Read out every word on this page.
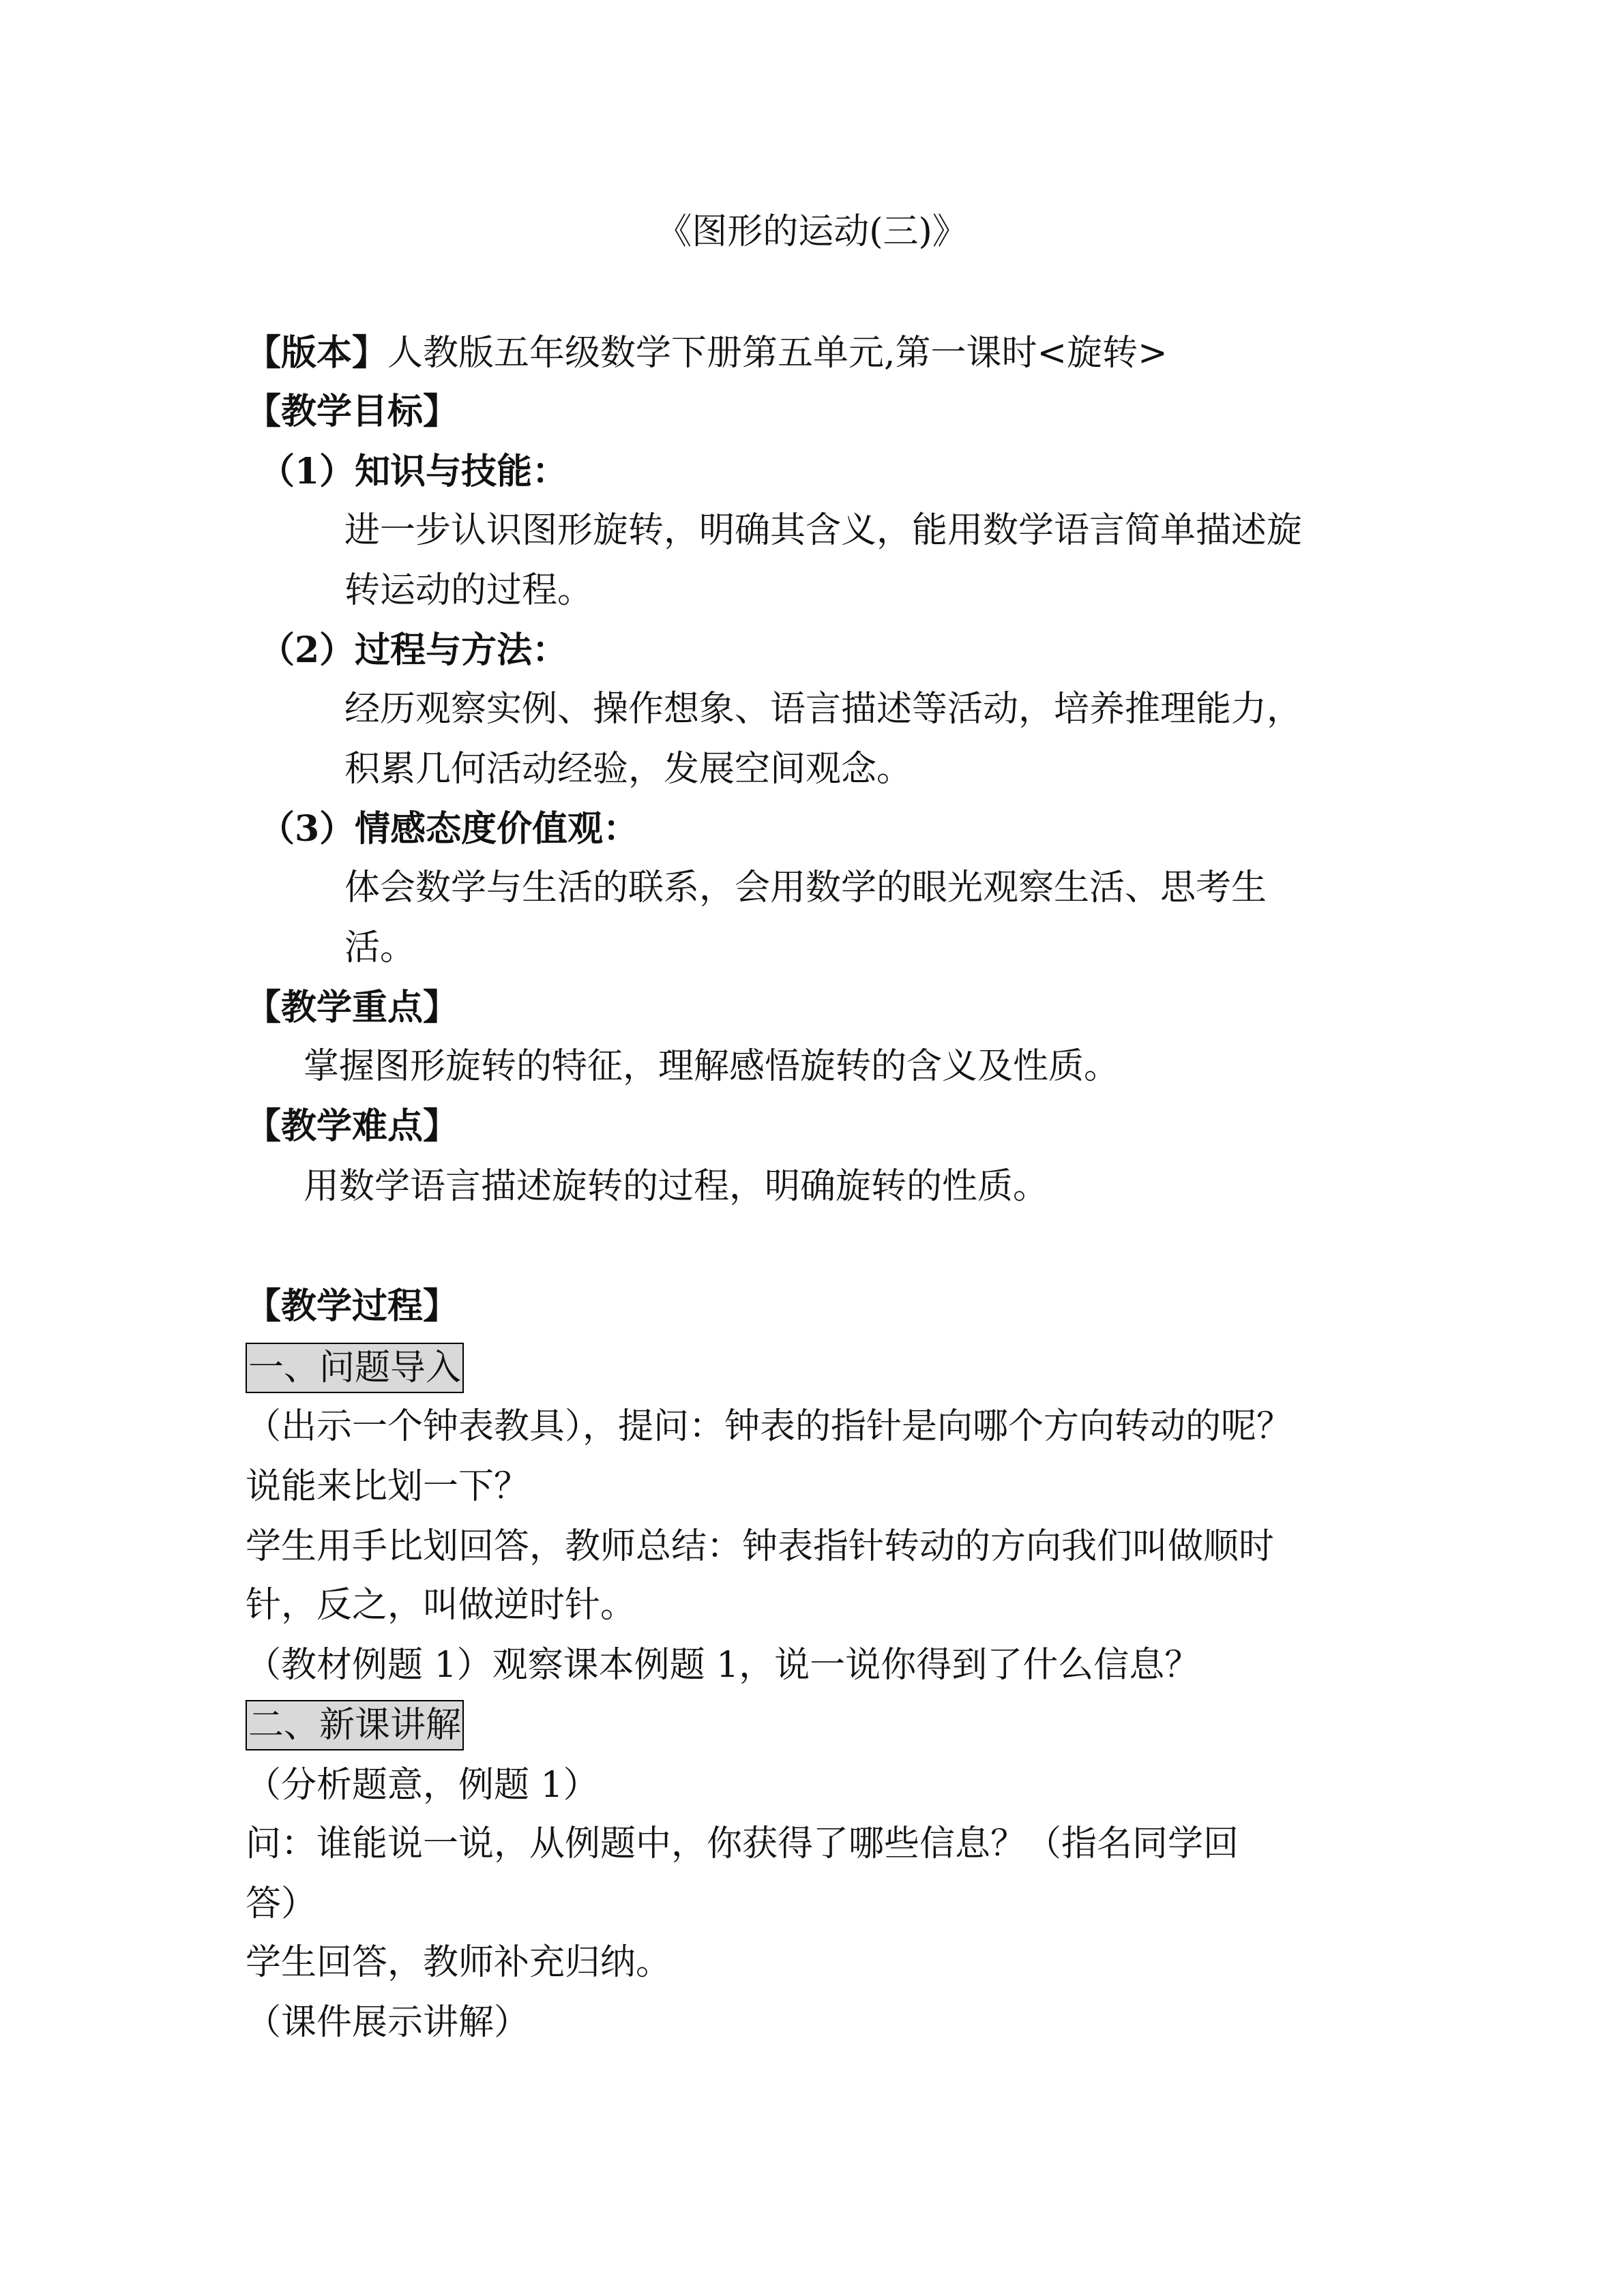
《图形的运动(三)》
【版本】人教版五年级数学下册第五单元,第一课时<旋转>
【教学目标】
（1）知识与技能：
进一步认识图形旋转，明确其含义，能用数学语言简单描述旋
转运动的过程。
（2）过程与方法：
经历观察实例、操作想象、语言描述等活动，培养推理能力，
积累几何活动经验，发展空间观念。
（3）情感态度价值观：
体会数学与生活的联系，会用数学的眼光观察生活、思考生
活。
【教学重点】
掌握图形旋转的特征，理解感悟旋转的含义及性质。
【教学难点】
用数学语言描述旋转的过程，明确旋转的性质。
【教学过程】
一、问题导入
（出示一个钟表教具），提问：钟表的指针是向哪个方向转动的呢？
说能来比划一下？
学生用手比划回答，教师总结：钟表指针转动的方向我们叫做顺时
针，反之，叫做逆时针。
（教材例题 1）观察课本例题 1，说一说你得到了什么信息？
二、新课讲解
（分析题意，例题 1）
问：谁能说一说，从例题中，你获得了哪些信息？（指名同学回
答）
学生回答，教师补充归纳。
（课件展示讲解）
